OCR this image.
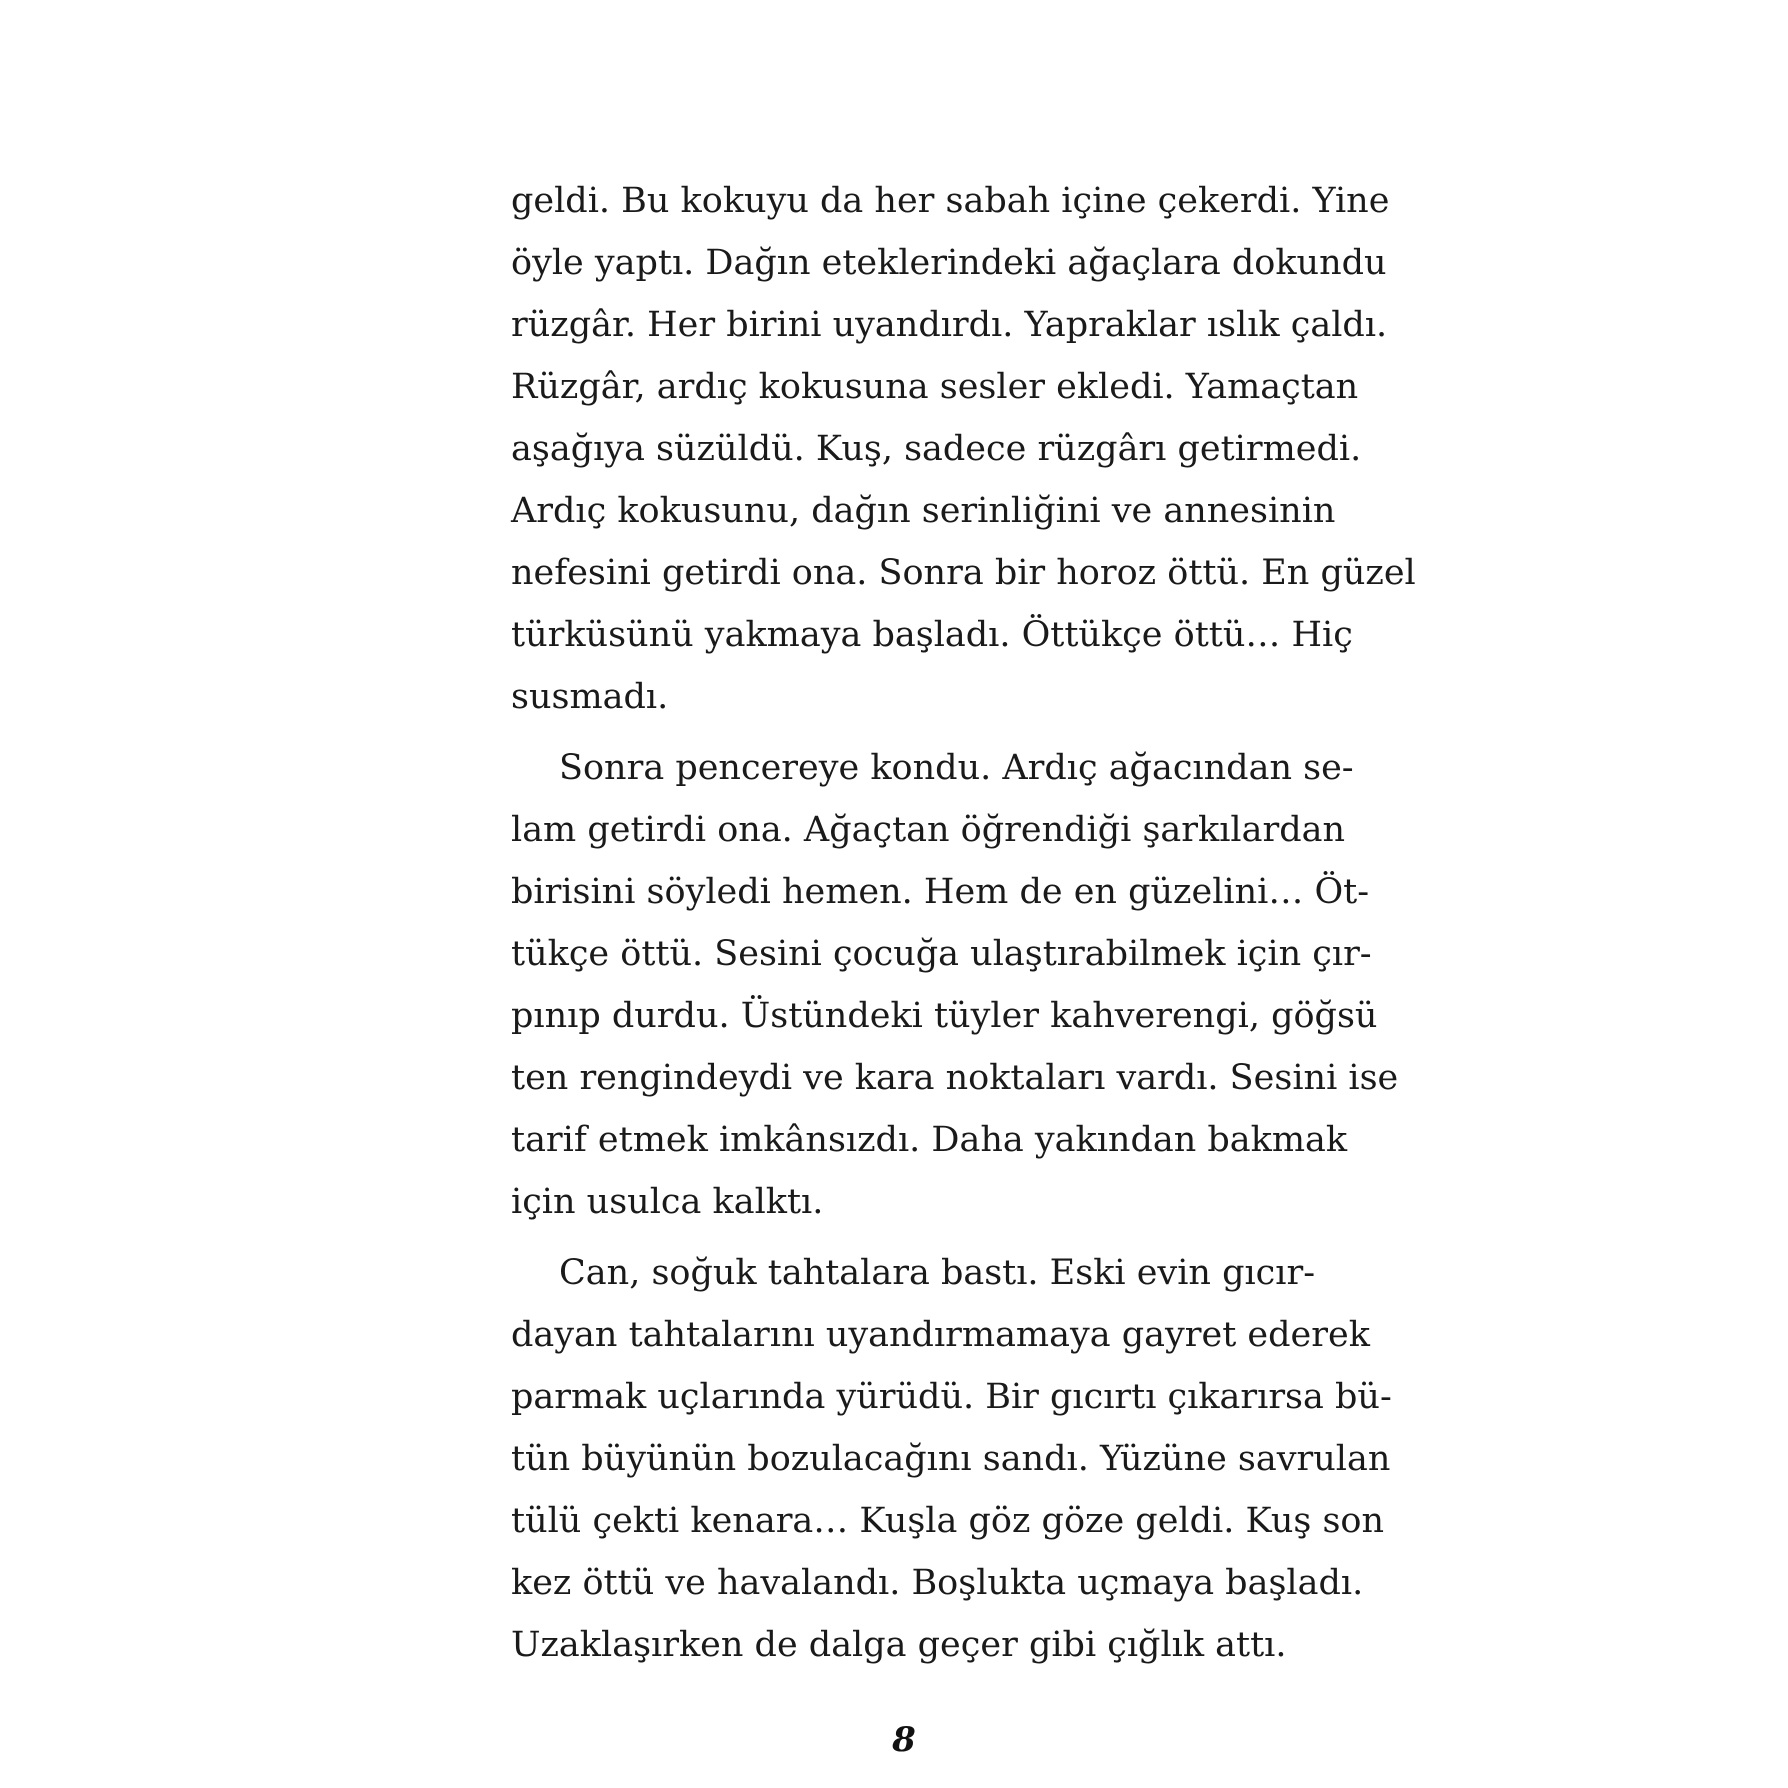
geldi. Bu kokuyu da her sabah içine çekerdi. Yine
öyle yaptı. Dağın eteklerindeki ağaçlara dokundu
rüzgâr. Her birini uyandırdı. Yapraklar ıslık çaldı.
Rüzgâr, ardıç kokusuna sesler ekledi. Yamaçtan
aşağıya süzüldü. Kuş, sadece rüzgârı getirmedi.
Ardıç kokusunu, dağın serinliğini ve annesinin
nefesini getirdi ona. Sonra bir horoz öttü. En güzel
türküsünü yakmaya başladı. Öttükçe öttü… Hiç
susmadı.
Sonra pencereye kondu. Ardıç ağacından se-
lam getirdi ona. Ağaçtan öğrendiği şarkılardan
birisini söyledi hemen. Hem de en güzelini… Öt-
tükçe öttü. Sesini çocuğa ulaştırabilmek için çır-
pınıp durdu. Üstündeki tüyler kahverengi, göğsü
ten rengindeydi ve kara noktaları vardı. Sesini ise
tarif etmek imkânsızdı. Daha yakından bakmak
için usulca kalktı.
Can, soğuk tahtalara bastı. Eski evin gıcır-
dayan tahtalarını uyandırmamaya gayret ederek
parmak uçlarında yürüdü. Bir gıcırtı çıkarırsa bü-
tün büyünün bozulacağını sandı. Yüzüne savrulan
tülü çekti kenara… Kuşla göz göze geldi. Kuş son
kez öttü ve havalandı. Boşlukta uçmaya başladı.
Uzaklaşırken de dalga geçer gibi çığlık attı.
8
